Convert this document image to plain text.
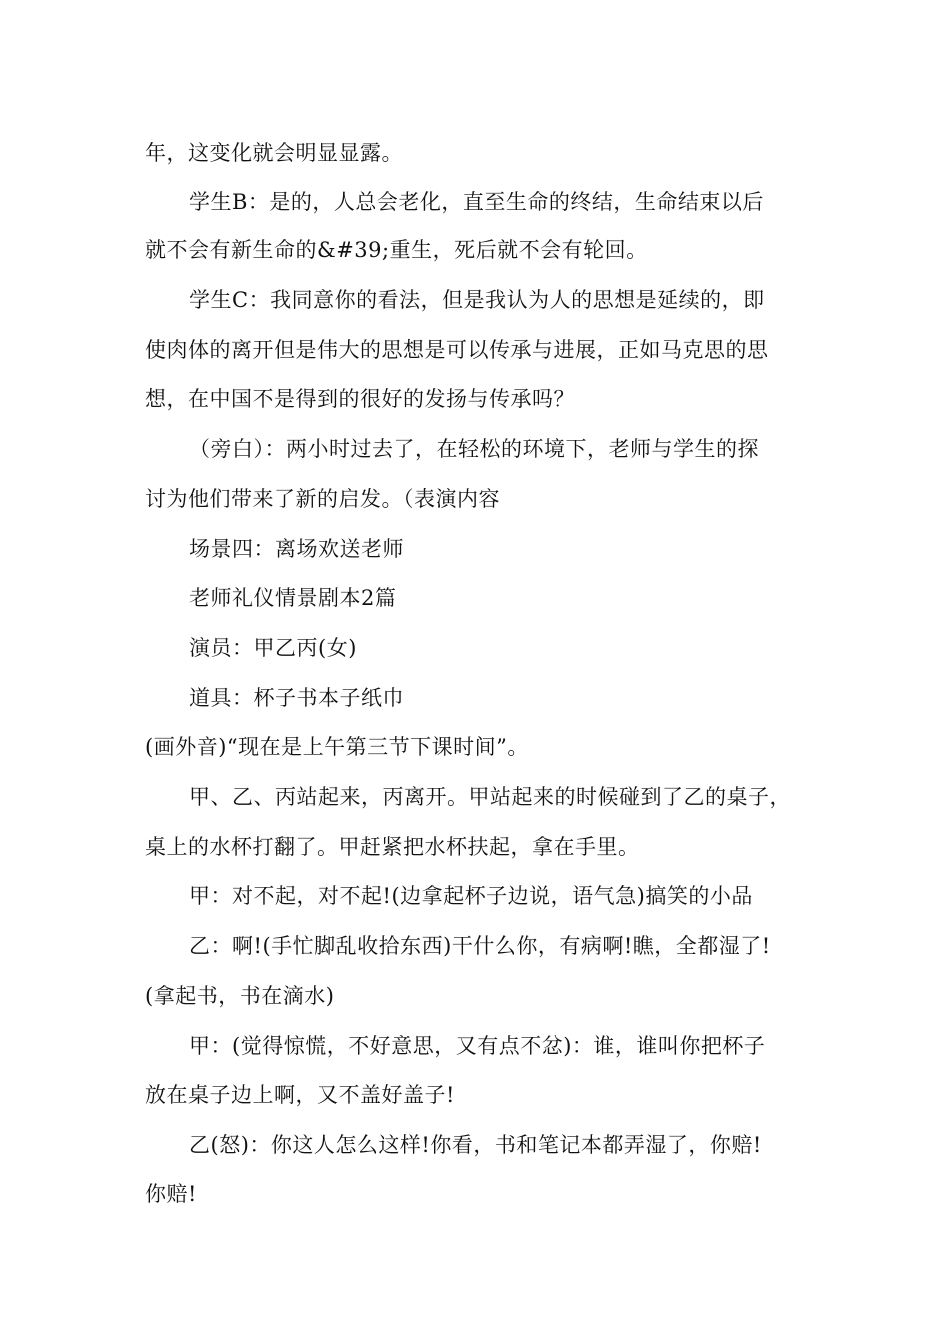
年，这变化就会明显显露。
学生B：是的，人总会老化，直至生命的终结，生命结束以后
就不会有新生命的&#39;重生，死后就不会有轮回。
学生C：我同意你的看法，但是我认为人的思想是延续的，即
使肉体的离开但是伟大的思想是可以传承与进展，正如马克思的思
想，在中国不是得到的很好的发扬与传承吗？
（旁白）：两小时过去了，在轻松的环境下，老师与学生的探
讨为他们带来了新的启发。（表演内容
场景四：离场欢送老师
老师礼仪情景剧本2篇
演员：甲乙丙(女)
道具：杯子书本子纸巾
(画外音)“现在是上午第三节下课时间”。
甲、乙、丙站起来，丙离开。甲站起来的时候碰到了乙的桌子，
桌上的水杯打翻了。甲赶紧把水杯扶起，拿在手里。
甲：对不起，对不起!(边拿起杯子边说，语气急)搞笑的小品
乙：啊!(手忙脚乱收拾东西)干什么你，有病啊!瞧，全都湿了!
(拿起书，书在滴水)
甲：(觉得惊慌，不好意思，又有点不忿)：谁，谁叫你把杯子
放在桌子边上啊，又不盖好盖子!
乙(怒)：你这人怎么这样!你看，书和笔记本都弄湿了，你赔!
你赔!
